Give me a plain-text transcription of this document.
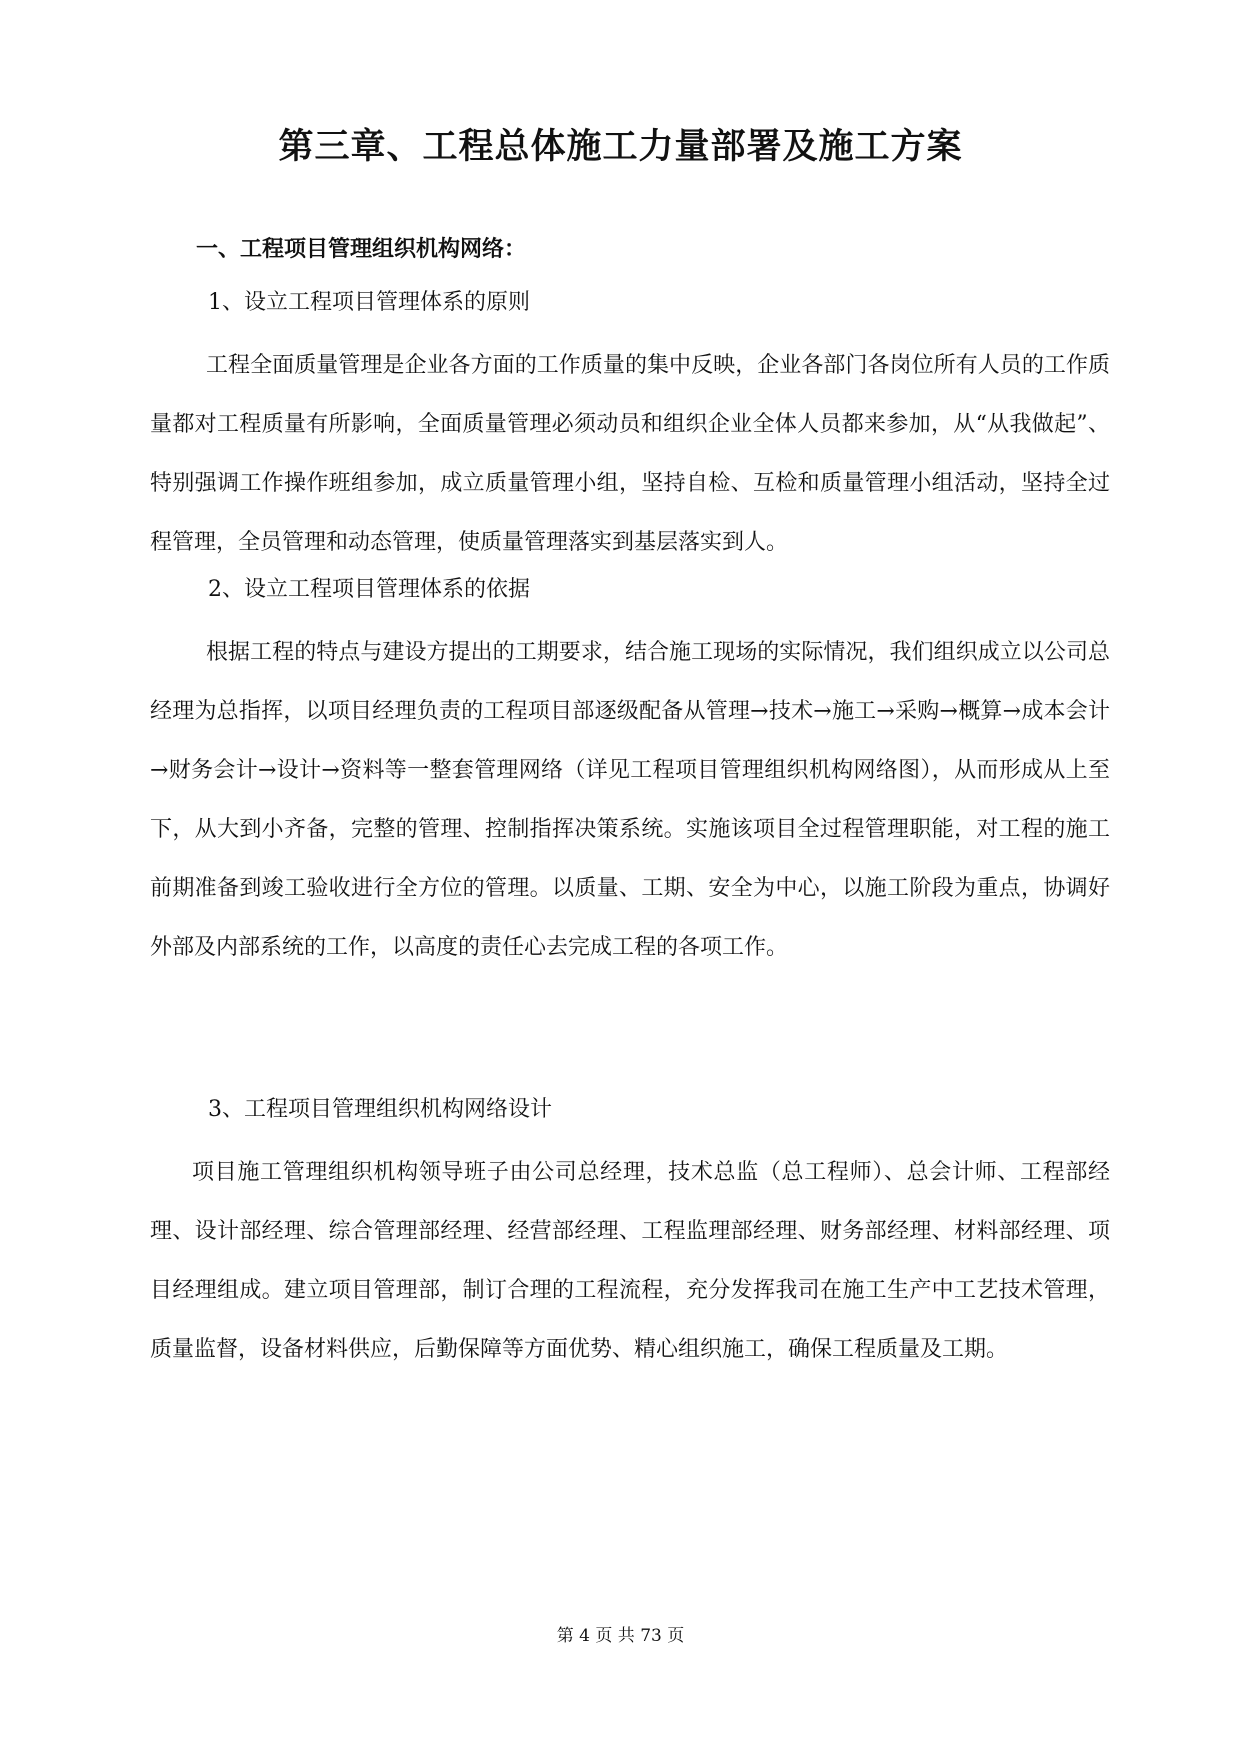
第三章、工程总体施工力量部署及施工方案
一、工程项目管理组织机构网络：

1、设立工程项目管理体系的原则

工程全面质量管理是企业各方面的工作质量的集中反映，企业各部门各岗位所有人员的工作质量都对工程质量有所影响，全面质量管理必须动员和组织企业全体人员都来参加，从“从我做起”、特别强调工作操作班组参加，成立质量管理小组，坚持自检、互检和质量管理小组活动，坚持全过程管理，全员管理和动态管理，使质量管理落实到基层落实到人。

2、设立工程项目管理体系的依据

根据工程的特点与建设方提出的工期要求，结合施工现场的实际情况，我们组织成立以公司总经理为总指挥，以项目经理负责的工程项目部逐级配备从管理→技术→施工→采购→概算→成本会计→财务会计→设计→资料等一整套管理网络（详见工程项目管理组织机构网络图），从而形成从上至下，从大到小齐备，完整的管理、控制指挥决策系统。实施该项目全过程管理职能，对工程的施工前期准备到竣工验收进行全方位的管理。以质量、工期、安全为中心，以施工阶段为重点，协调好外部及内部系统的工作，以高度的责任心去完成工程的各项工作。

3、工程项目管理组织机构网络设计

项目施工管理组织机构领导班子由公司总经理，技术总监（总工程师）、总会计师、工程部经理、设计部经理、综合管理部经理、经营部经理、工程监理部经理、财务部经理、材料部经理、项目经理组成。建立项目管理部，制订合理的工程流程，充分发挥我司在施工生产中工艺技术管理，质量监督，设备材料供应，后勤保障等方面优势、精心组织施工，确保工程质量及工期。

第 4 页 共 73 页
